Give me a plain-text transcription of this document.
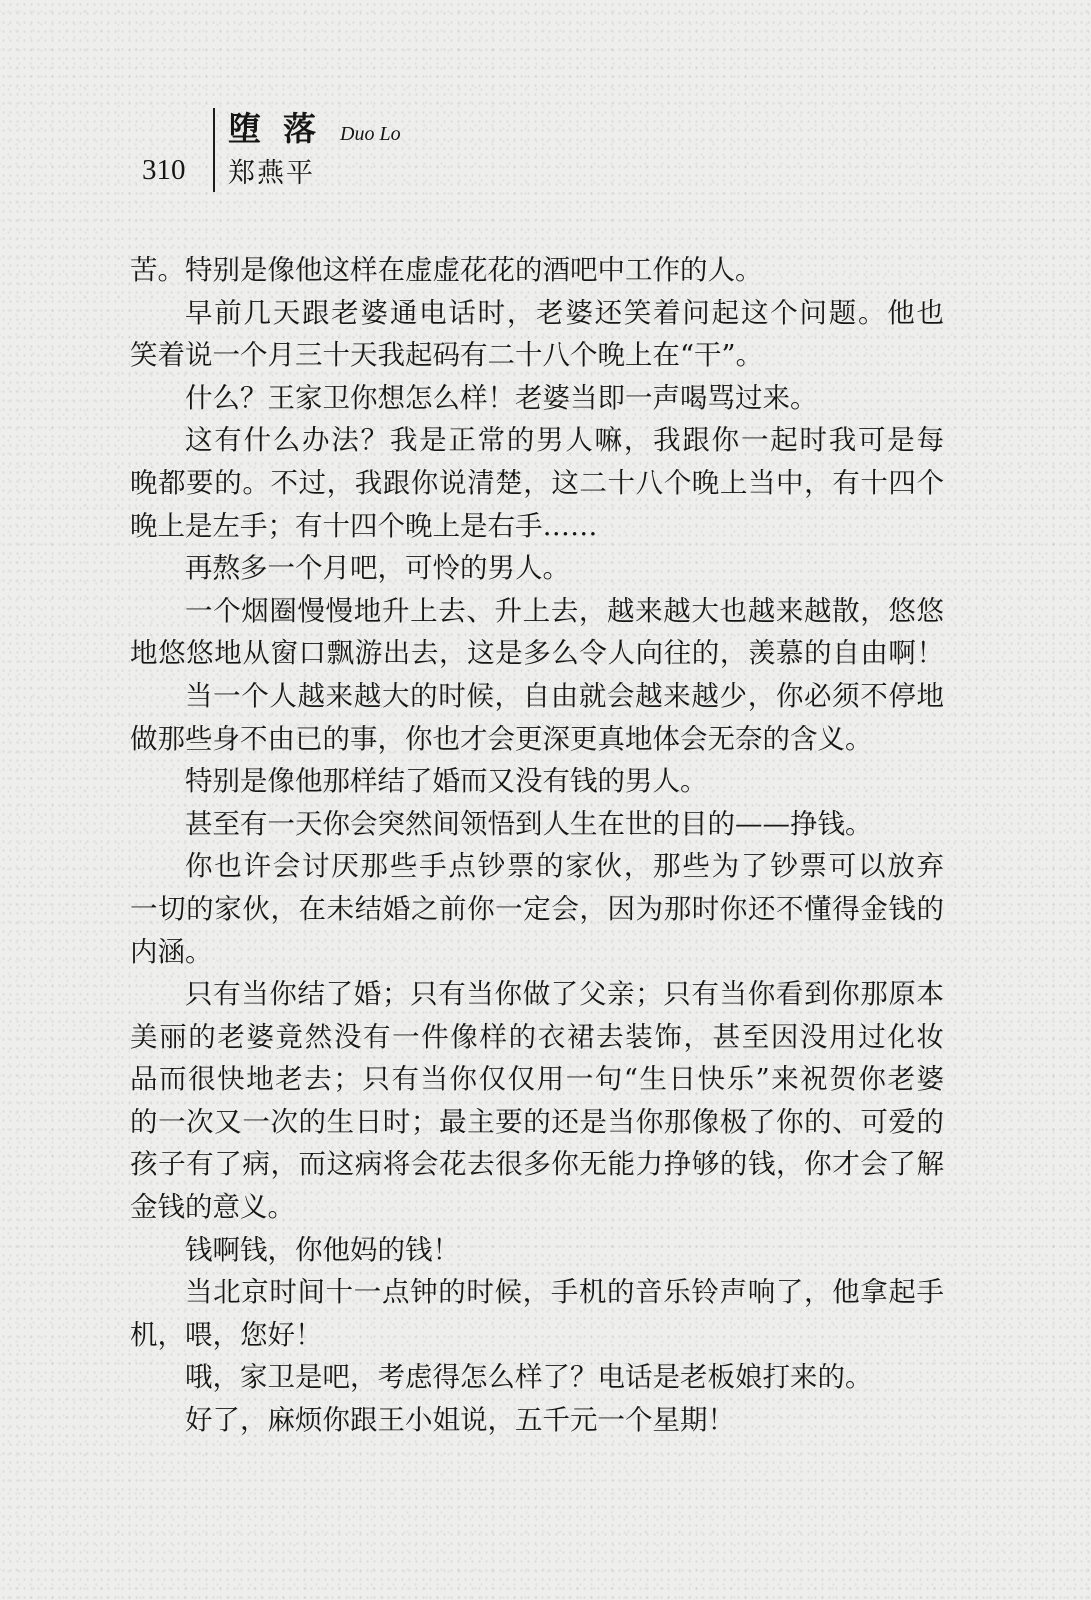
堕落 Duo Lo
310 郑燕平
苦。特别是像他这样在虚虚花花的酒吧中工作的人。
早前几天跟老婆通电话时，老婆还笑着问起这个问题。他也
笑着说一个月三十天我起码有二十八个晚上在“干”。
什么？王家卫你想怎么样！老婆当即一声喝骂过来。
这有什么办法？我是正常的男人嘛，我跟你一起时我可是每
晚都要的。不过，我跟你说清楚，这二十八个晚上当中，有十四个
晚上是左手；有十四个晚上是右手……
再熬多一个月吧，可怜的男人。
一个烟圈慢慢地升上去、升上去，越来越大也越来越散，悠悠
地悠悠地从窗口飘游出去，这是多么令人向往的，羡慕的自由啊！
当一个人越来越大的时候，自由就会越来越少，你必须不停地
做那些身不由已的事，你也才会更深更真地体会无奈的含义。
特别是像他那样结了婚而又没有钱的男人。
甚至有一天你会突然间领悟到人生在世的目的——挣钱。
你也许会讨厌那些手点钞票的家伙，那些为了钞票可以放弃
一切的家伙，在未结婚之前你一定会，因为那时你还不懂得金钱的
内涵。
只有当你结了婚；只有当你做了父亲；只有当你看到你那原本
美丽的老婆竟然没有一件像样的衣裙去装饰，甚至因没用过化妆
品而很快地老去；只有当你仅仅用一句“生日快乐”来祝贺你老婆
的一次又一次的生日时；最主要的还是当你那像极了你的、可爱的
孩子有了病，而这病将会花去很多你无能力挣够的钱，你才会了解
金钱的意义。
钱啊钱，你他妈的钱！
当北京时间十一点钟的时候，手机的音乐铃声响了，他拿起手
机，喂，您好！
哦，家卫是吧，考虑得怎么样了？电话是老板娘打来的。
好了，麻烦你跟王小姐说，五千元一个星期！
